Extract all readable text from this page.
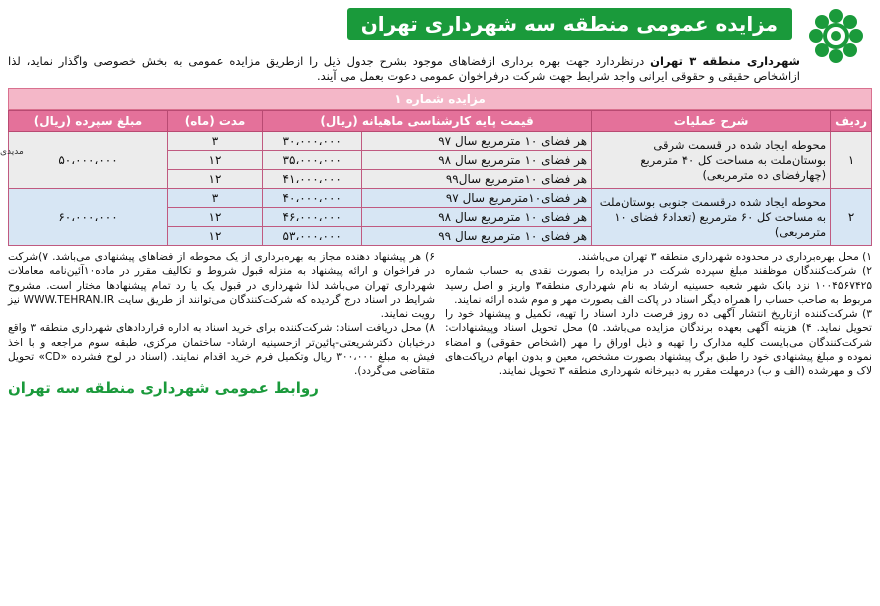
مزایده عمومی منطقه سه شهرداری تهران
شهرداری منطقه ۳ تهران درنظردارد جهت بهره برداری ازفضاهای موجود بشرح جدول ذیل را ازطریق مزایده عمومی به بخش خصوصی واگذار نماید، لذا ازاشخاص حقیقی و حقوقی ایرانی واجد شرایط جهت شرکت درفراخوان عمومی دعوت بعمل می آیند.
مزایده شماره ۱
مدیدی
ردیف	شرح عملیات	قیمت پایه کارشناسی ماهیانه (ریال)		مدت (ماه)	مبلغ سپرده (ریال)
۱	محوطه ایجاد شده در قسمت شرقی بوستان‌ملت به مساحت کل ۴۰ مترمربع (چهارفضای ده مترمربعی)	هر فضای ۱۰ مترمربع سال ۹۷	۳۰،۰۰۰،۰۰۰	۳	۵۰،۰۰۰،۰۰۰
		هر فضای ۱۰ مترمربع سال ۹۸	۳۵،۰۰۰،۰۰۰	۱۲	
		هر فضای ۱۰مترمربع سال۹۹	۴۱،۰۰۰،۰۰۰	۱۲	
۲	محوطه ایجاد شده درقسمت جنوبی بوستان‌ملت به مساحت کل ۶۰ مترمربع (تعداد۶ فضای ۱۰ مترمربعی)	هر فضای۱۰مترمربع سال ۹۷	۴۰،۰۰۰،۰۰۰	۳	۶۰،۰۰۰،۰۰۰
		هر فضای ۱۰ مترمربع سال ۹۸	۴۶،۰۰۰،۰۰۰	۱۲	
		هر فضای ۱۰ مترمربع سال ۹۹	۵۳،۰۰۰،۰۰۰	۱۲	

۱) محل بهره‌برداری در محدوده شهرداری منطقه ۳ تهران می‌باشند.

۲) شرکت‌کنندگان موظفند مبلغ سپرده شرکت در مزایده را بصورت نقدی به حساب شماره ۱۰۰۴۵۶۷۴۲۵ نزد بانک شهر شعبه حسینیه ارشاد به نام شهرداری منطقه۳ واریز و اصل رسید مربوط به صاحب حساب را همراه دیگر اسناد در پاکت الف بصورت مهر و موم شده ارائه نمایند.

۳) شرکت‌کننده ازتاریخ انتشار آگهی ده روز فرصت دارد اسناد را تهیه، تکمیل و پیشنهاد خود را تحویل نماید. ۴) هزینه آگهی بعهده برندگان مزایده می‌باشد. ۵) محل تحویل اسناد وپیشنهادات: شرکت‌کنندگان می‌بایست کلیه مدارک را تهیه و ذیل اوراق را مهر (اشخاص حقوقی) و امضاء نموده و مبلغ پیشنهادی خود را طبق برگ پیشنهاد بصورت مشخص، معین و بدون ابهام درپاکت‌های لاک و مهرشده (الف و ب) درمهلت مقرر به دبیرخانه شهرداری منطقه ۳ تحویل نمایند.

۶) هر پیشنهاد دهنده مجاز به بهره‌برداری از یک محوطه از فضاهای پیشنهادی می‌باشد. ۷)شرکت در فراخوان و ارائه پیشنهاد به منزله قبول شروط و تکالیف مقرر در ماده۱۰آئین‌نامه معاملات شهرداری تهران می‌باشد لذا شهرداری در قبول یک یا رد تمام پیشنهادها مختار است. مشروح شرایط در اسناد درج گردیده که شرکت‌کنندگان می‌توانند از طریق سایت WWW.TEHRAN.IR نیز رویت نمایند.

۸) محل دریافت اسناد: شرکت‌کننده برای خرید اسناد به اداره قراردادهای شهرداری منطقه ۳ واقع درخیابان دکترشریعتی-پائین‌تر ازحسینیه ارشاد- ساختمان مرکزی، طبقه سوم مراجعه و با اخذ فیش به مبلغ ۳۰۰،۰۰۰ ریال وتکمیل فرم خرید اقدام نمایند. (اسناد در لوح فشرده «CD» تحویل متقاضی می‌گردد).

روابط عمومی شهرداری منطقه سه تهران
